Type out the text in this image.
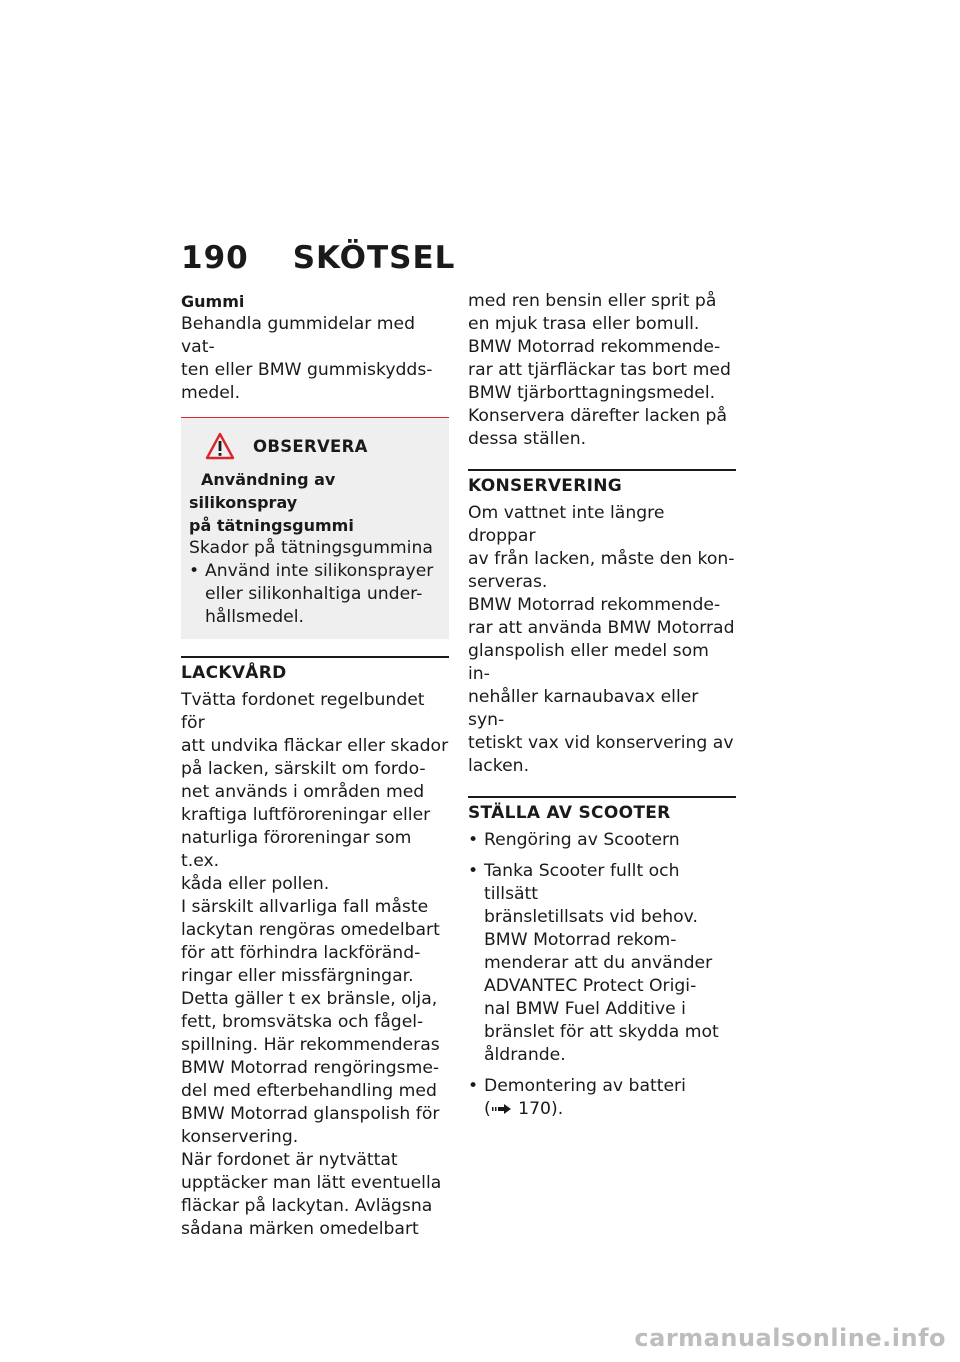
190 SKÖTSEL
Gummi

Behandla gummidelar med vat-
ten eller BMW gummiskydds-
medel.

OBSERVERA
Användning av silikonspray
på tätningsgummi

Skador på tätningsgummina

• Använd inte silikonsprayer
eller silikonhaltiga under-
hållsmedel.
LACKVÅRD

Tvätta fordonet regelbundet för
att undvika fläckar eller skador
på lacken, särskilt om fordo-
net används i områden med
kraftiga luftföroreningar eller
naturliga föroreningar som t.ex.
kåda eller pollen.

I särskilt allvarliga fall måste
lackytan rengöras omedelbart
för att förhindra lackföränd-
ringar eller missfärgningar.
Detta gäller t ex bränsle, olja,
fett, bromsvätska och fågel-
spillning. Här rekommenderas
BMW Motorrad rengöringsme-
del med efterbehandling med
BMW Motorrad glanspolish för
konservering.

När fordonet är nytvättat
upptäcker man lätt eventuella
fläckar på lackytan. Avlägsna
sådana märken omedelbart

med ren bensin eller sprit på
en mjuk trasa eller bomull.
BMW Motorrad rekommende-
rar att tjärfläckar tas bort med
BMW tjärborttagningsmedel.
Konservera därefter lacken på
dessa ställen.

KONSERVERING

Om vattnet inte längre droppar
av från lacken, måste den kon-
serveras.

BMW Motorrad rekommende-
rar att använda BMW Motorrad
glanspolish eller medel som in-
nehåller karnaubavax eller syn-
tetiskt vax vid konservering av
lacken.

STÄLLA AV SCOOTER
• Rengöring av Scootern
• Tanka Scooter fullt och tillsätt
bränsletillsats vid behov.
BMW Motorrad rekom-
menderar att du använder
ADVANTEC Protect Origi-
nal BMW Fuel Additive i
bränslet för att skydda mot
åldrande.
• Demontering av batteri
( 170).
carmanualsonline.info
